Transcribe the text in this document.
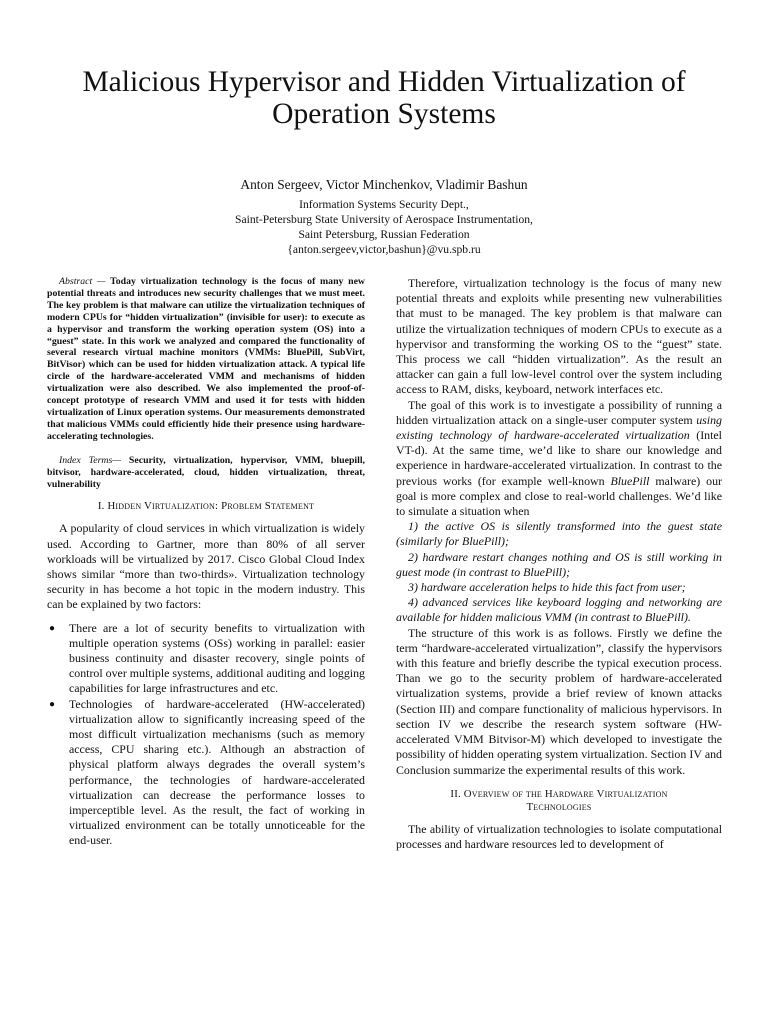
Malicious Hypervisor and Hidden Virtualization of Operation Systems

Anton Sergeev, Victor Minchenkov, Vladimir Bashun

Information Systems Security Dept.,

Saint-Petersburg State University of Aerospace Instrumentation,

Saint Petersburg, Russian Federation

{anton.sergeev,victor,bashun}@vu.spb.ru

Abstract — Today virtualization technology is the focus of many new potential threats and introduces new security challenges that we must meet. The key problem is that malware can utilize the virtualization techniques of modern CPUs for “hidden virtualization” (invisible for user): to execute as a hypervisor and transform the working operation system (OS) into a “guest” state. In this work we analyzed and compared the functionality of several research virtual machine monitors (VMMs: BluePill, SubVirt, BitVisor) which can be used for hidden virtualization attack. A typical life circle of the hardware-accelerated VMM and mechanisms of hidden virtualization were also described. We also implemented the proof-of-concept prototype of research VMM and used it for tests with hidden virtualization of Linux operation systems. Our measurements demonstrated that malicious VMMs could efficiently hide their presence using hardware-accelerating technologies.

Index Terms— Security, virtualization, hypervisor, VMM, bluepill, bitvisor, hardware-accelerated, cloud, hidden virtualization, threat, vulnerability

I. Hidden Virtualization: Problem Statement

A popularity of cloud services in which virtualization is widely used. According to Gartner, more than 80% of all server workloads will be virtualized by 2017. Cisco Global Cloud Index shows similar “more than two-thirds». Virtualization technology security in has become a hot topic in the modern industry. This can be explained by two factors:

● There are a lot of security benefits to virtualization with multiple operation systems (OSs) working in parallel: easier business continuity and disaster recovery, single points of control over multiple systems, additional auditing and logging capabilities for large infrastructures and etc.
● Technologies of hardware-accelerated (HW-accelerated) virtualization allow to significantly increasing speed of the most difficult virtualization mechanisms (such as memory access, CPU sharing etc.). Although an abstraction of physical platform always degrades the overall system’s performance, the technologies of hardware-accelerated virtualization can decrease the performance losses to imperceptible level. As the result, the fact of working in virtualized environment can be totally unnoticeable for the end-user.

Therefore, virtualization technology is the focus of many new potential threats and exploits while presenting new vulnerabilities that must to be managed. The key problem is that malware can utilize the virtualization techniques of modern CPUs to execute as a hypervisor and transforming the working OS to the “guest” state. This process we call “hidden virtualization”. As the result an attacker can gain a full low-level control over the system including access to RAM, disks, keyboard, network interfaces etc.

The goal of this work is to investigate a possibility of running a hidden virtualization attack on a single-user computer system using existing technology of hardware-accelerated virtualization (Intel VT-d). At the same time, we’d like to share our knowledge and experience in hardware-accelerated virtualization. In contrast to the previous works (for example well-known BluePill malware) our goal is more complex and close to real-world challenges. We’d like to simulate a situation when

1) the active OS is silently transformed into the guest state (similarly for BluePill);

2) hardware restart changes nothing and OS is still working in guest mode (in contrast to BluePill);

3) hardware acceleration helps to hide this fact from user;

4) advanced services like keyboard logging and networking are available for hidden malicious VMM (in contrast to BluePill).

The structure of this work is as follows. Firstly we define the term “hardware-accelerated virtualization”, classify the hypervisors with this feature and briefly describe the typical execution process. Than we go to the security problem of hardware-accelerated virtualization systems, provide a brief review of known attacks (Section III) and compare functionality of malicious hypervisors. In section IV we describe the research system software (HW-accelerated VMM Bitvisor-M) which developed to investigate the possibility of hidden operating system virtualization. Section IV and Conclusion summarize the experimental results of this work.

II. Overview of the Hardware Virtualization
Technologies

The ability of virtualization technologies to isolate computational processes and hardware resources led to development of
